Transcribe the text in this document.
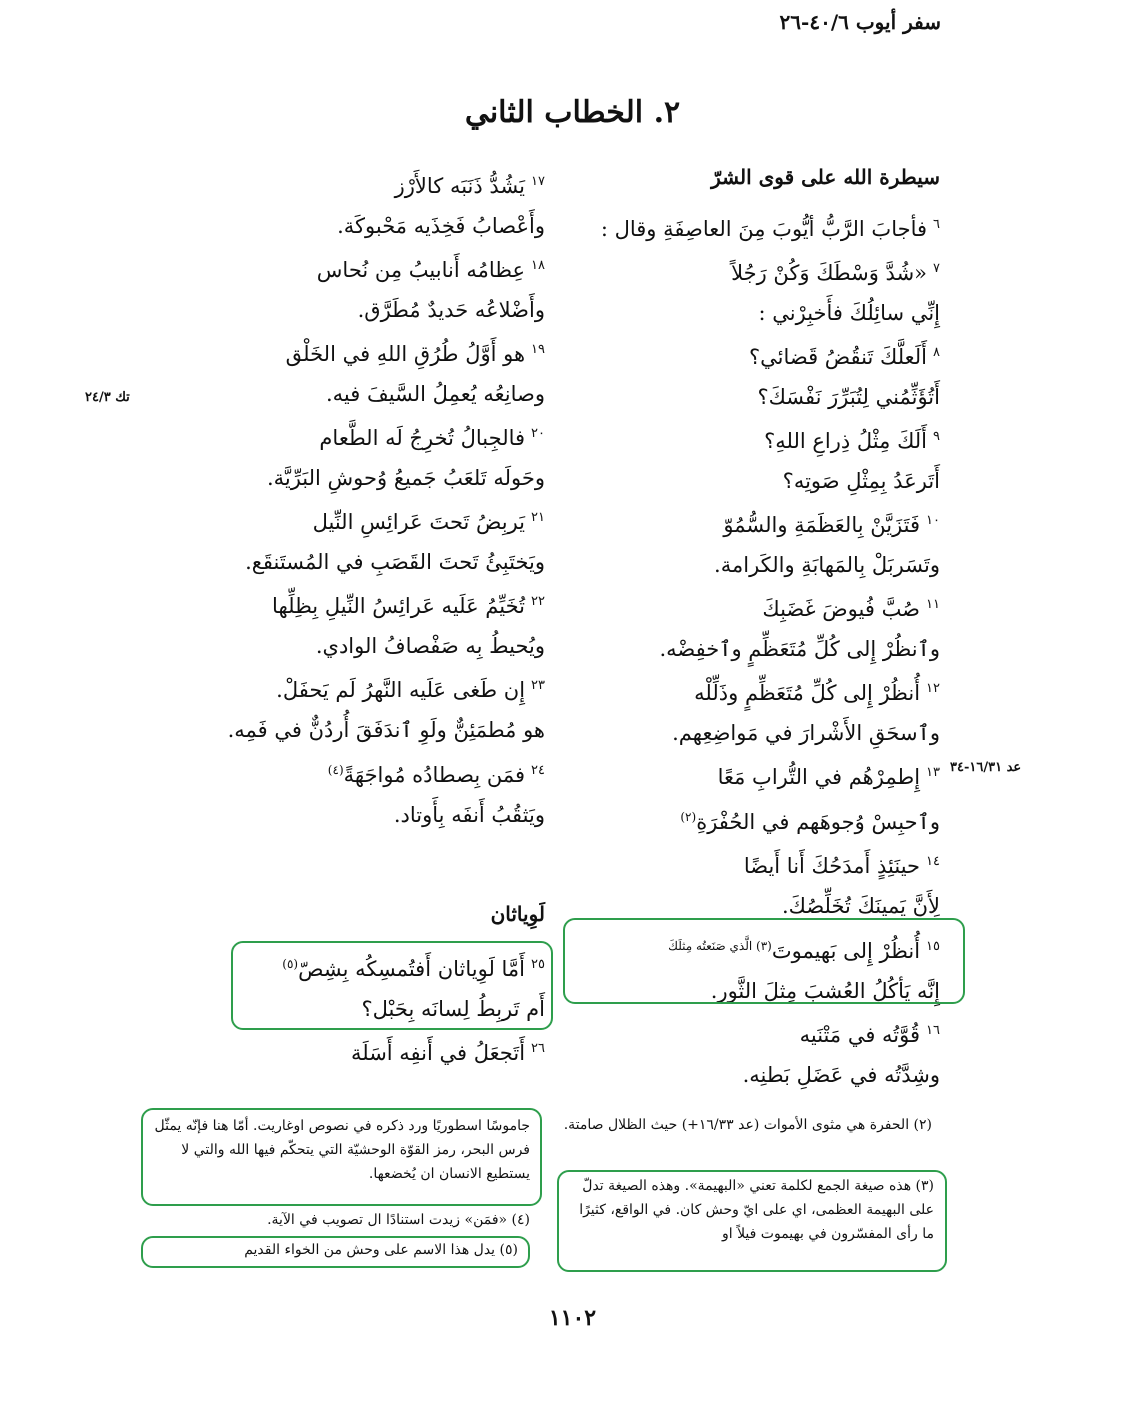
سفر أيوب ٤٠/٦-٢٦
٢. الخطاب الثاني
سيطرة الله على قوى الشرّ
$^٦$فأجابَ الرَّبُّ أيُّوبَ مِنَ العاصِفَةِ وقال :
$^٧$«شُدَّ وَسْطَكَ وَكُنْ رَجُلاً
إِنِّي سائِلُكَ فأَخبِرْني :
$^٨$أَلَعلَّكَ تَنقُضُ قَضائي؟
أَتُؤَثِّمُني لِتُبَرِّرَ نَفْسَكَ؟
$^٩$أَلَكَ مِثْلُ ذِراعِ اللهِ؟
أَتَرعَدُ بِمِثْلِ صَوتِه؟
$^{١٠}$فَتَزَيَّنْ بِالعَظَمَةِ والسُّمُوّ
وتَسَربَلْ بِالمَهابَةِ والكَرامة.
$^{١١}$صُبَّ فُيوضَ غَضَبِكَ
وٱنظُرْ إِلى كُلِّ مُتَعَظِّمٍ وٱخفِضْه.
$^{١٢}$أُنظُرْ إِلى كُلِّ مُتَعَظِّمٍ وذَلِّلْه
وٱسحَقِ الأَشْرارَ في مَواضِعِهم.
$^{١٣}$إِطمِرْهُم في التُّرابِ مَعًا
وٱحبِسْ وُجوهَهم في الحُفْرَةِ$^{(٢)}$
$^{١٤}$حينَئِذٍ أَمدَحُكَ أَنا أَيضًا
لِأَنَّ يَمينَكَ تُخَلِّصُكَ.
$^{١٥}$أُنظُرْ إِلى بَهيموتَ$^{(٣)}$ $^{الَّذي صَنَعتُه مِثلَكَ}$
إِنَّه يَأكُلُ العُشبَ مِثلَ الثَّور.
$^{١٦}$قُوَّتُه في مَتْنَيه
وشِدَّتُه في عَضَلِ بَطنِه.
$^{١٧}$يَشُدُّ ذَنَبَه كالأَرْز
وأَعْصابُ فَخِذَيه مَحْبوكَة.
$^{١٨}$عِظامُه أَنابيبُ مِن نُحاس
وأَضْلاعُه حَديدٌ مُطَرَّق.
$^{١٩}$هو أَوَّلُ طُرُقِ اللهِ في الخَلْق
وصانِعُه يُعمِلُ السَّيفَ فيه.
$^{٢٠}$فالجِبالُ تُخرِجُ لَه الطَّعام
وحَولَه تَلعَبُ جَميعُ وُحوشِ البَرِّيَّة.
$^{٢١}$يَربِضُ تَحتَ عَرائِسِ النِّيل
ويَختَبِئُ تَحتَ القَصَبِ في المُستَنقَع.
$^{٢٢}$تُخَيِّمُ عَلَيه عَرائِسُ النِّيلِ بِظِلِّها
ويُحيطُ بِه صَفْصافُ الوادي.
$^{٢٣}$إِن طَغى عَلَيه النَّهرُ لَم يَحفَلْ.
هو مُطمَئِنٌّ ولَوِ ٱندَفَقَ أُردُنٌّ في فَمِه.
$^{٢٤}$فمَن بِصطادُه مُواجَهَةً$^{(٤)}$
ويَثقُبُ أَنفَه بِأَوتاد.
لَوِياثان
$^{٢٥}$أَمَّا لَوِياثان أَفتُمسِكُه بِشِصّ$^{(٥)}$
أَم تَربِطُ لِسانَه بِحَبْل؟
$^{٢٦}$أَتَجعَلُ في أَنفِه أَسَلَة
تك ٢٤/٣
عد ١٦/٣١-٣٤
(٢) الحفرة هي مثوى الأموات (عد ١٦/٣٣+) حيث الظلال صامتة.
(٣) هذه صيغة الجمع لكلمة تعني «البهيمة». وهذه الصيغة تدلّ على البهيمة العظمى، اي على ايّ وحش كان. في الواقع، كثيرًا ما رأى المفسّرون في بهيموت فيلاً او
جاموسًا اسطوريًا ورد ذكره في نصوص اوغاريت. أمّا هنا فإنّه يمثّل فرس البحر، رمز القوّة الوحشيّة التي يتحكّم فيها الله والتي لا يستطيع الانسان ان يُخضعها.
(٤) «فمَن» زيدت استنادًا ال تصويب في الآية.
(٥) يدل هذا الاسم على وحش من الخواء القديم
١١٠٢
